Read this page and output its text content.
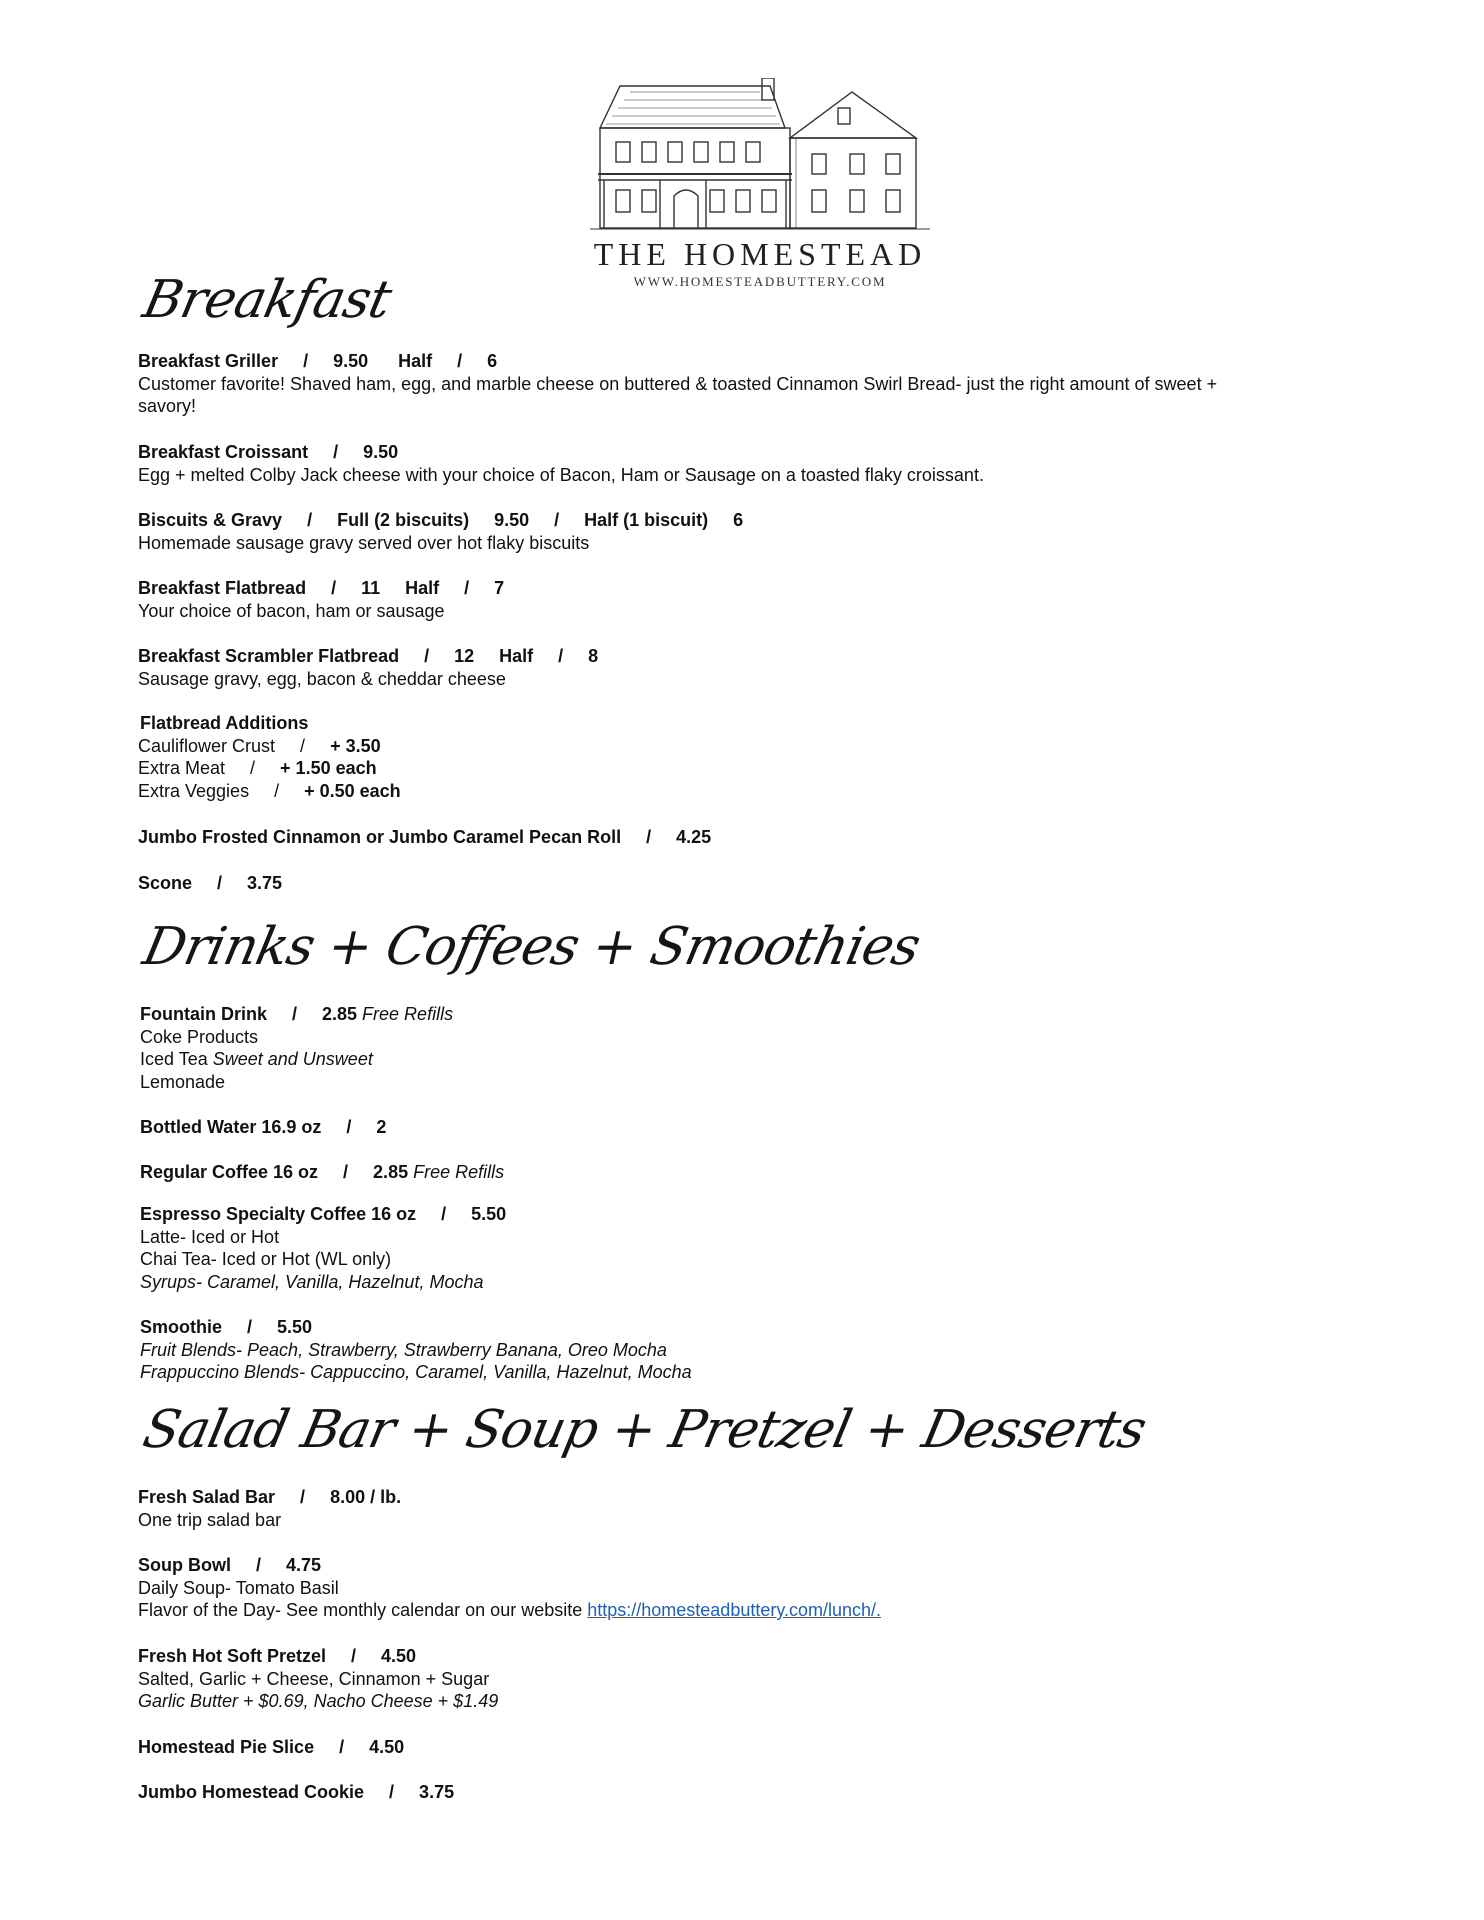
THE HOMESTEAD
WWW.HOMESTEADBUTTERY.COM
Breakfast
Breakfast Griller     /     9.50      Half     /     6
Customer favorite! Shaved ham, egg, and marble cheese on buttered & toasted Cinnamon Swirl Bread- just the right amount of sweet +
savory!
Breakfast Croissant     /     9.50
Egg + melted Colby Jack cheese with your choice of Bacon, Ham or Sausage on a toasted flaky croissant.
Biscuits & Gravy     /     Full (2 biscuits)     9.50     /     Half (1 biscuit)     6
Homemade sausage gravy served over hot flaky biscuits
Breakfast Flatbread     /     11     Half     /     7
Your choice of bacon, ham or sausage
Breakfast Scrambler Flatbread     /     12     Half     /     8
Sausage gravy, egg, bacon & cheddar cheese
Flatbread Additions
Cauliflower Crust     /     + 3.50
Extra Meat     /     + 1.50 each
Extra Veggies     /     + 0.50 each
Jumbo Frosted Cinnamon or Jumbo Caramel Pecan Roll     /     4.25
Scone     /     3.75
Drinks + Coffees + Smoothies
Fountain Drink     /     2.85 Free Refills
Coke Products
Iced Tea Sweet and Unsweet
Lemonade
Bottled Water 16.9 oz     /     2
Regular Coffee 16 oz     /     2.85 Free Refills
Espresso Specialty Coffee 16 oz     /     5.50
Latte- Iced or Hot
Chai Tea- Iced or Hot (WL only)
Syrups- Caramel, Vanilla, Hazelnut, Mocha
Smoothie     /     5.50
Fruit Blends- Peach, Strawberry, Strawberry Banana, Oreo Mocha
Frappuccino Blends- Cappuccino, Caramel, Vanilla, Hazelnut, Mocha
Salad Bar + Soup + Pretzel + Desserts
Fresh Salad Bar     /     8.00 / lb.
One trip salad bar
Soup Bowl     /     4.75
Daily Soup- Tomato Basil
Flavor of the Day- See monthly calendar on our website https://homesteadbuttery.com/lunch/.
Fresh Hot Soft Pretzel     /     4.50
Salted, Garlic + Cheese, Cinnamon + Sugar
Garlic Butter + $0.69, Nacho Cheese + $1.49
Homestead Pie Slice     /     4.50
Jumbo Homestead Cookie     /     3.75
